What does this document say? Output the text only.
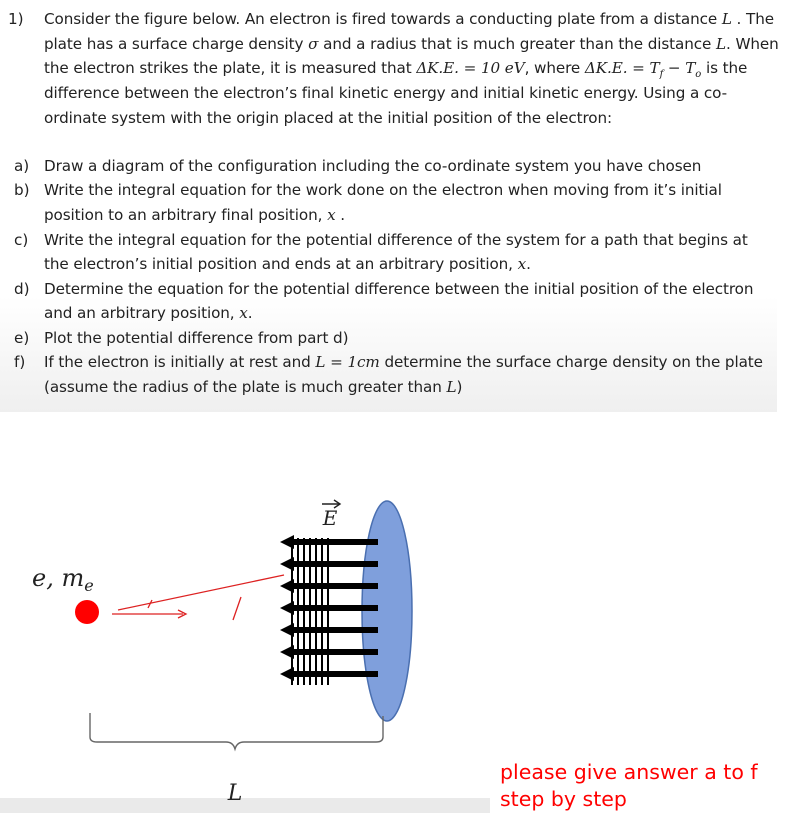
1) Consider the figure below. An electron is fired towards a conducting plate from a distance L . The
plate has a surface charge density σ and a radius that is much greater than the distance L. When
the electron strikes the plate, it is measured that ΔK.E. = 10 eV, where ΔK.E. = $T_f - T_o$ is the
difference between the electron’s final kinetic energy and initial kinetic energy. Using a co-
ordinate system with the origin placed at the initial position of the electron:
a) Draw a diagram of the configuration including the co-ordinate system you have chosen
b) Write the integral equation for the work done on the electron when moving from it’s initial
position to an arbitrary final position, x .
c) Write the integral equation for the potential difference of the system for a path that begins at
the electron’s initial position and ends at an arbitrary position, x.
d) Determine the equation for the potential difference between the initial position of the electron
and an arbitrary position, x.
e) Plot the potential difference from part d)
f) If the electron is initially at rest and L = 1cm determine the surface charge density on the plate
(assume the radius of the plate is much greater than L)
E
e, $m_e$
L
please give answer a to f
step by step
